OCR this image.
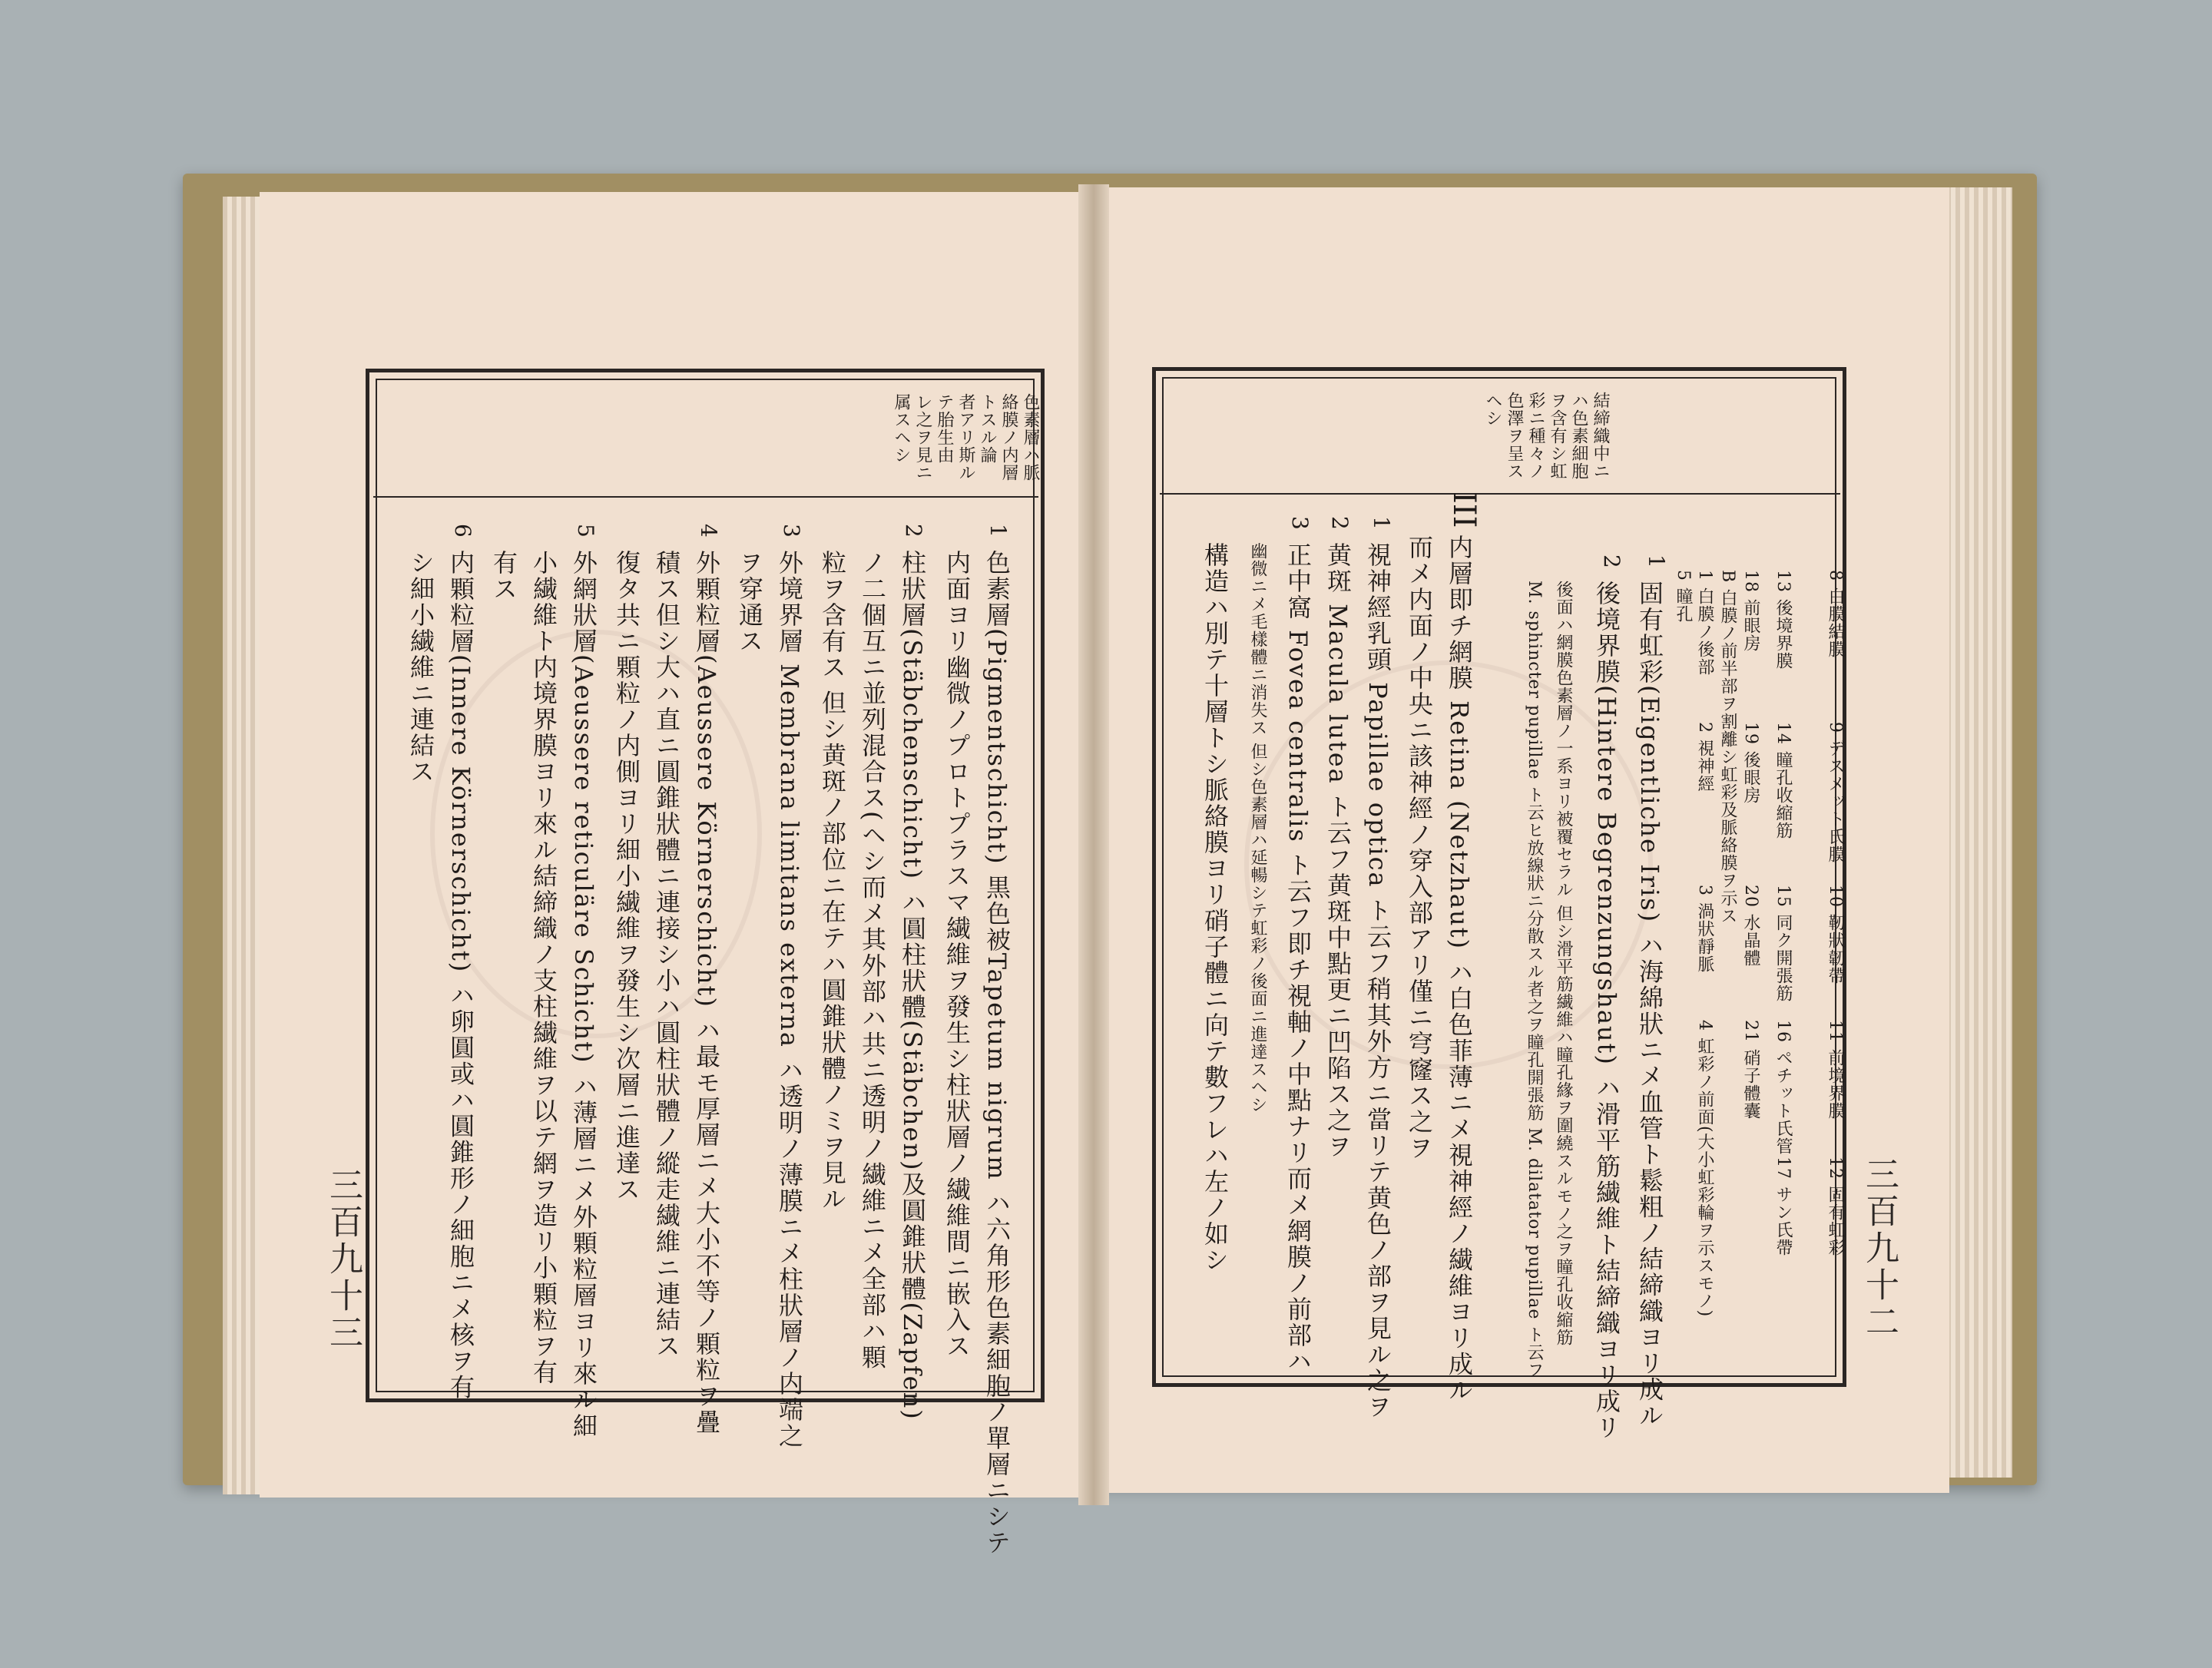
色素層ハ脈
絡膜ノ内層
トスル論
者アリ斯ル
テ胎生由
レ之ヲ見ニ
属スヘシ
1
色素層(Pigmentschicht) 黒色被Tapetum nigrum ハ六角形色素細胞ノ單層ニシテ
内面ヨリ幽微ノプロトプラスマ繊維ヲ發生シ柱狀層ノ繊維間ニ嵌入ス
2
柱狀層(Stäbchenschicht) ハ圓柱狀體(Stäbchen)及圓錐狀體(Zapfen)
ノ二個互ニ並列混合ス(ヘシ而メ其外部ハ共ニ透明ノ繊維ニメ全部ハ顆
粒ヲ含有ス 但シ黄斑ノ部位ニ在テハ圓錐狀體ノミヲ見ル
3
外境界層 Membrana limitans externa ハ透明ノ薄膜ニメ柱狀層ノ内端之
ヲ穿通ス
4
外顆粒層(Aeussere Körnerschicht) ハ最モ厚層ニメ大小不等ノ顆粒ヲ疊
積ス但シ大ハ直ニ圓錐狀體ニ連接シ小ハ圓柱狀體ノ縱走繊維ニ連結ス
復タ共ニ顆粒ノ内側ヨリ細小繊維ヲ發生シ次層ニ進達ス
5
外網狀層(Aeussere reticuläre Schicht) ハ薄層ニメ外顆粒層ヨリ來ル細
小繊維ト内境界膜ヨリ來ル結締織ノ支柱繊維ヲ以テ網ヲ造リ小顆粒ヲ有
有ス
6
内顆粒層(Innere Körnerschicht) ハ卵圓或ハ圓錐形ノ細胞ニメ核ヲ有
シ細小繊維ニ連結ス
三百九十三
結締織中ニ
ハ色素細胞
ヲ含有シ虹
彩ニ種々ノ
色澤ヲ呈ス
ヘシ
8 白膜結膜
9 デスメット氏膜
10 靭狀韌帶
11 前境界膜
12 固有虹彩
13 後境界膜
14 瞳孔收縮筋
15 同ク開張筋
16 ペチット氏管
17 サン氏帶
18 前眼房
19 後眼房
20 水晶體
21 硝子體囊
B 白膜ノ前半部ヲ割離シ虹彩及脈絡膜ヲ示ス
1 白膜ノ後部
2 視神經
3 渦狀靜脈
4 虹彩ノ前面(大小虹彩輪ヲ示スモノ)
5 瞳孔
1
固有虹彩(Eigentliche Iris) ハ海綿狀ニメ血管ト鬆粗ノ結締織ヨリ成ル
2
後境界膜(Hintere Begrenzungshaut) ハ滑平筋繊維ト結締織ヨリ成リ
後面ハ網膜色素層ノ一系ヨリ被覆セラル 但シ滑平筋繊維ハ瞳孔緣ヲ圍繞スルモノ之ヲ瞳孔收縮筋
M. sphincter pupillae ト云ヒ放線狀ニ分散スル者之ヲ瞳孔開張筋 M. dilatator pupillae ト云フ
III
内層即チ網膜 Retina (Netzhaut) ハ白色菲薄ニメ視神經ノ繊維ヨリ成ル
而メ内面ノ中央ニ該神經ノ穿入部アリ僅ニ穹窿ス之ヲ
1
視神經乳頭 Papillae optica ト云フ稍其外方ニ當リテ黄色ノ部ヲ見ル之ヲ
2
黄斑 Macula lutea ト云フ黄斑中點更ニ凹陷ス之ヲ
3
正中窩 Fovea centralis ト云フ即チ視軸ノ中點ナリ而メ網膜ノ前部ハ
幽微ニメ毛樣體ニ消失ス 但シ色素層ハ延暢シテ虹彩ノ後面ニ進達スヘシ
構造ハ別テ十層トシ脈絡膜ヨリ硝子體ニ向テ數フレハ左ノ如シ	三百九十二
